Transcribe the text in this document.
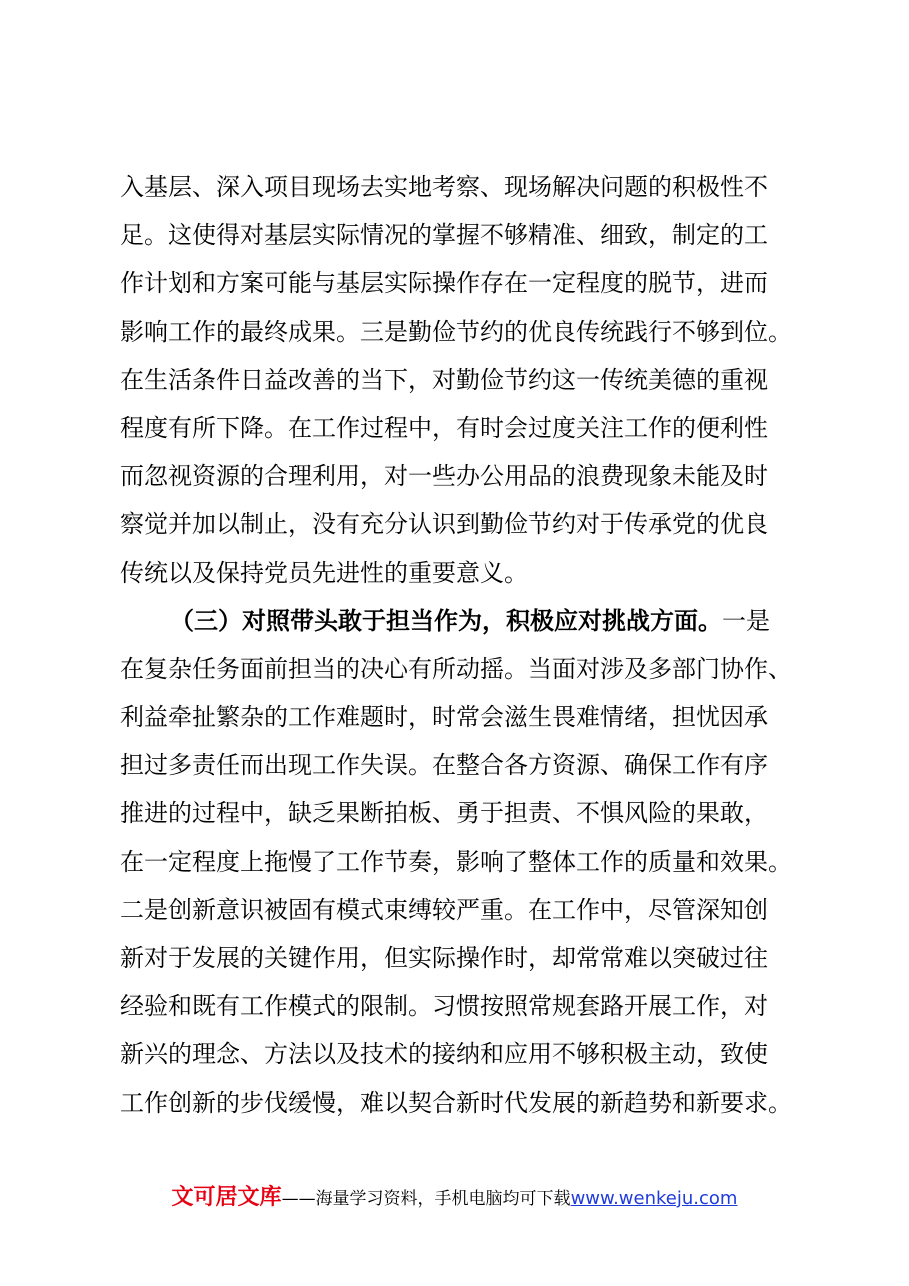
入基层、深入项目现场去实地考察、现场解决问题的积极性不
足。这使得对基层实际情况的掌握不够精准、细致，制定的工
作计划和方案可能与基层实际操作存在一定程度的脱节，进而
影响工作的最终成果。三是勤俭节约的优良传统践行不够到位。
在生活条件日益改善的当下，对勤俭节约这一传统美德的重视
程度有所下降。在工作过程中，有时会过度关注工作的便利性
而忽视资源的合理利用，对一些办公用品的浪费现象未能及时
察觉并加以制止，没有充分认识到勤俭节约对于传承党的优良
传统以及保持党员先进性的重要意义。
（三）对照带头敢于担当作为，积极应对挑战方面。一是
在复杂任务面前担当的决心有所动摇。当面对涉及多部门协作、
利益牵扯繁杂的工作难题时，时常会滋生畏难情绪，担忧因承
担过多责任而出现工作失误。在整合各方资源、确保工作有序
推进的过程中，缺乏果断拍板、勇于担责、不惧风险的果敢，
在一定程度上拖慢了工作节奏，影响了整体工作的质量和效果。
二是创新意识被固有模式束缚较严重。在工作中，尽管深知创
新对于发展的关键作用，但实际操作时，却常常难以突破过往
经验和既有工作模式的限制。习惯按照常规套路开展工作，对
新兴的理念、方法以及技术的接纳和应用不够积极主动，致使
工作创新的步伐缓慢，难以契合新时代发展的新趋势和新要求。
文可居文库——海量学习资料，手机电脑均可下载www.wenkeju.com
